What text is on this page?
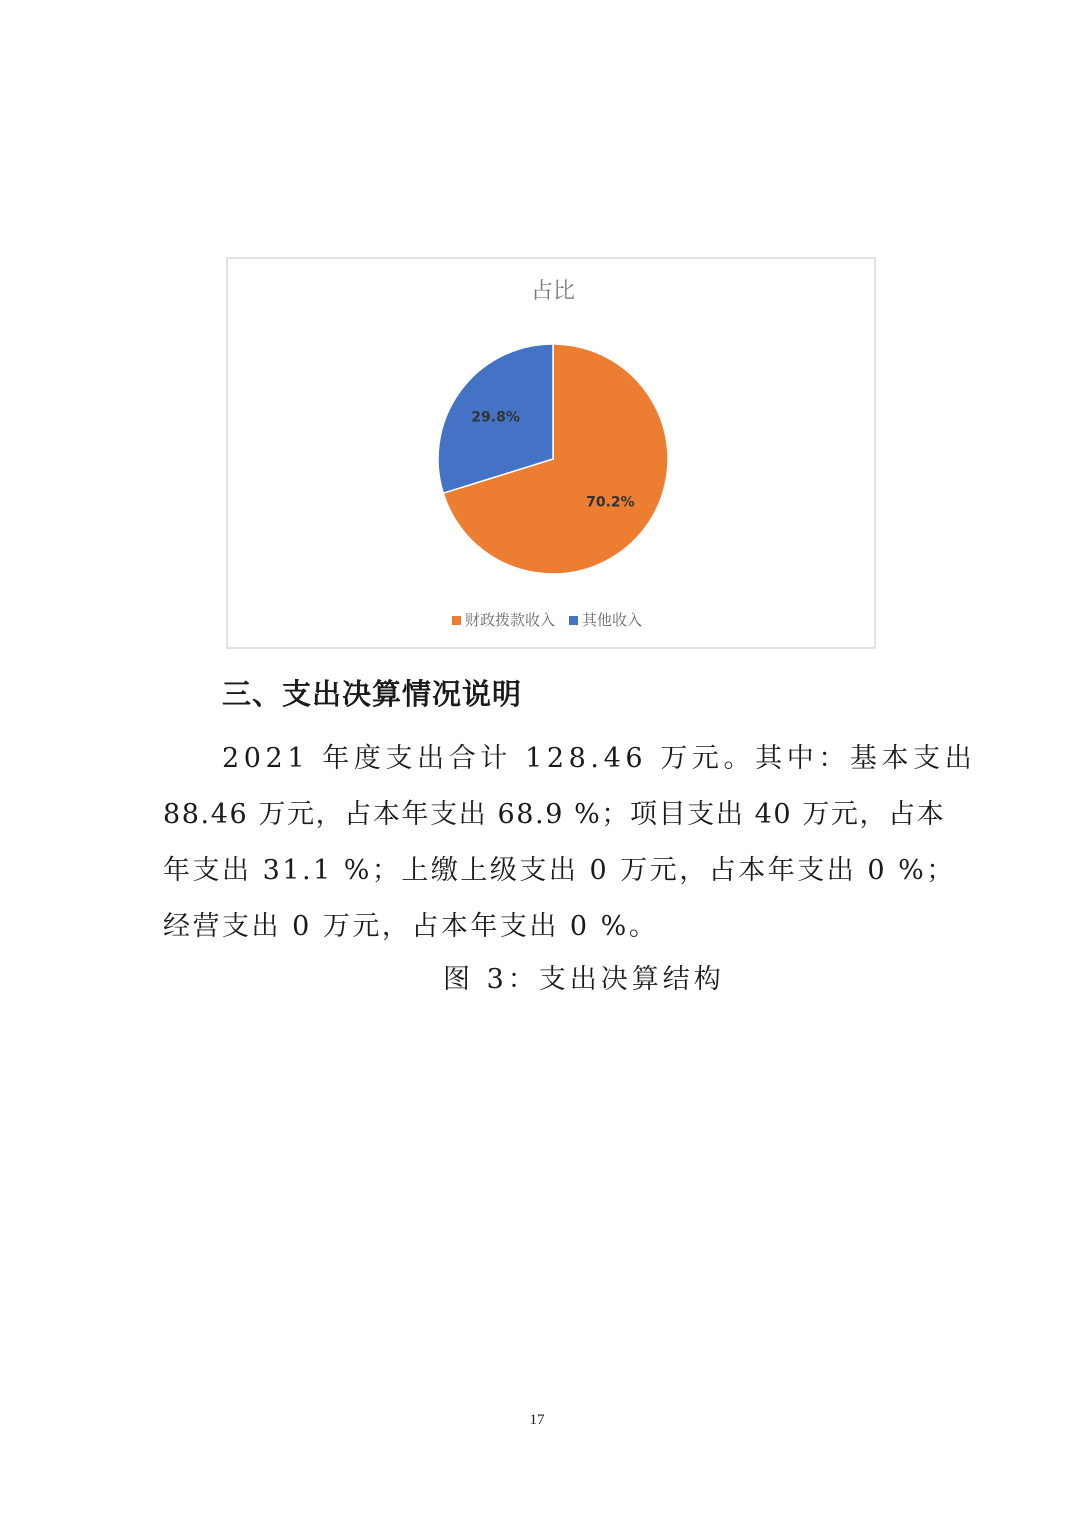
占比
70.2%
29.8%
财政拨款收入 其他收入
三、支出决算情况说明
2021 年度支出合计 128.46 万元。其中：基本支出
88.46 万元，占本年支出 68.9 %；项目支出 40 万元，占本
年支出 31.1 %；上缴上级支出 0 万元，占本年支出 0 %；
经营支出 0 万元，占本年支出 0 %。
图 3：支出决算结构
17
